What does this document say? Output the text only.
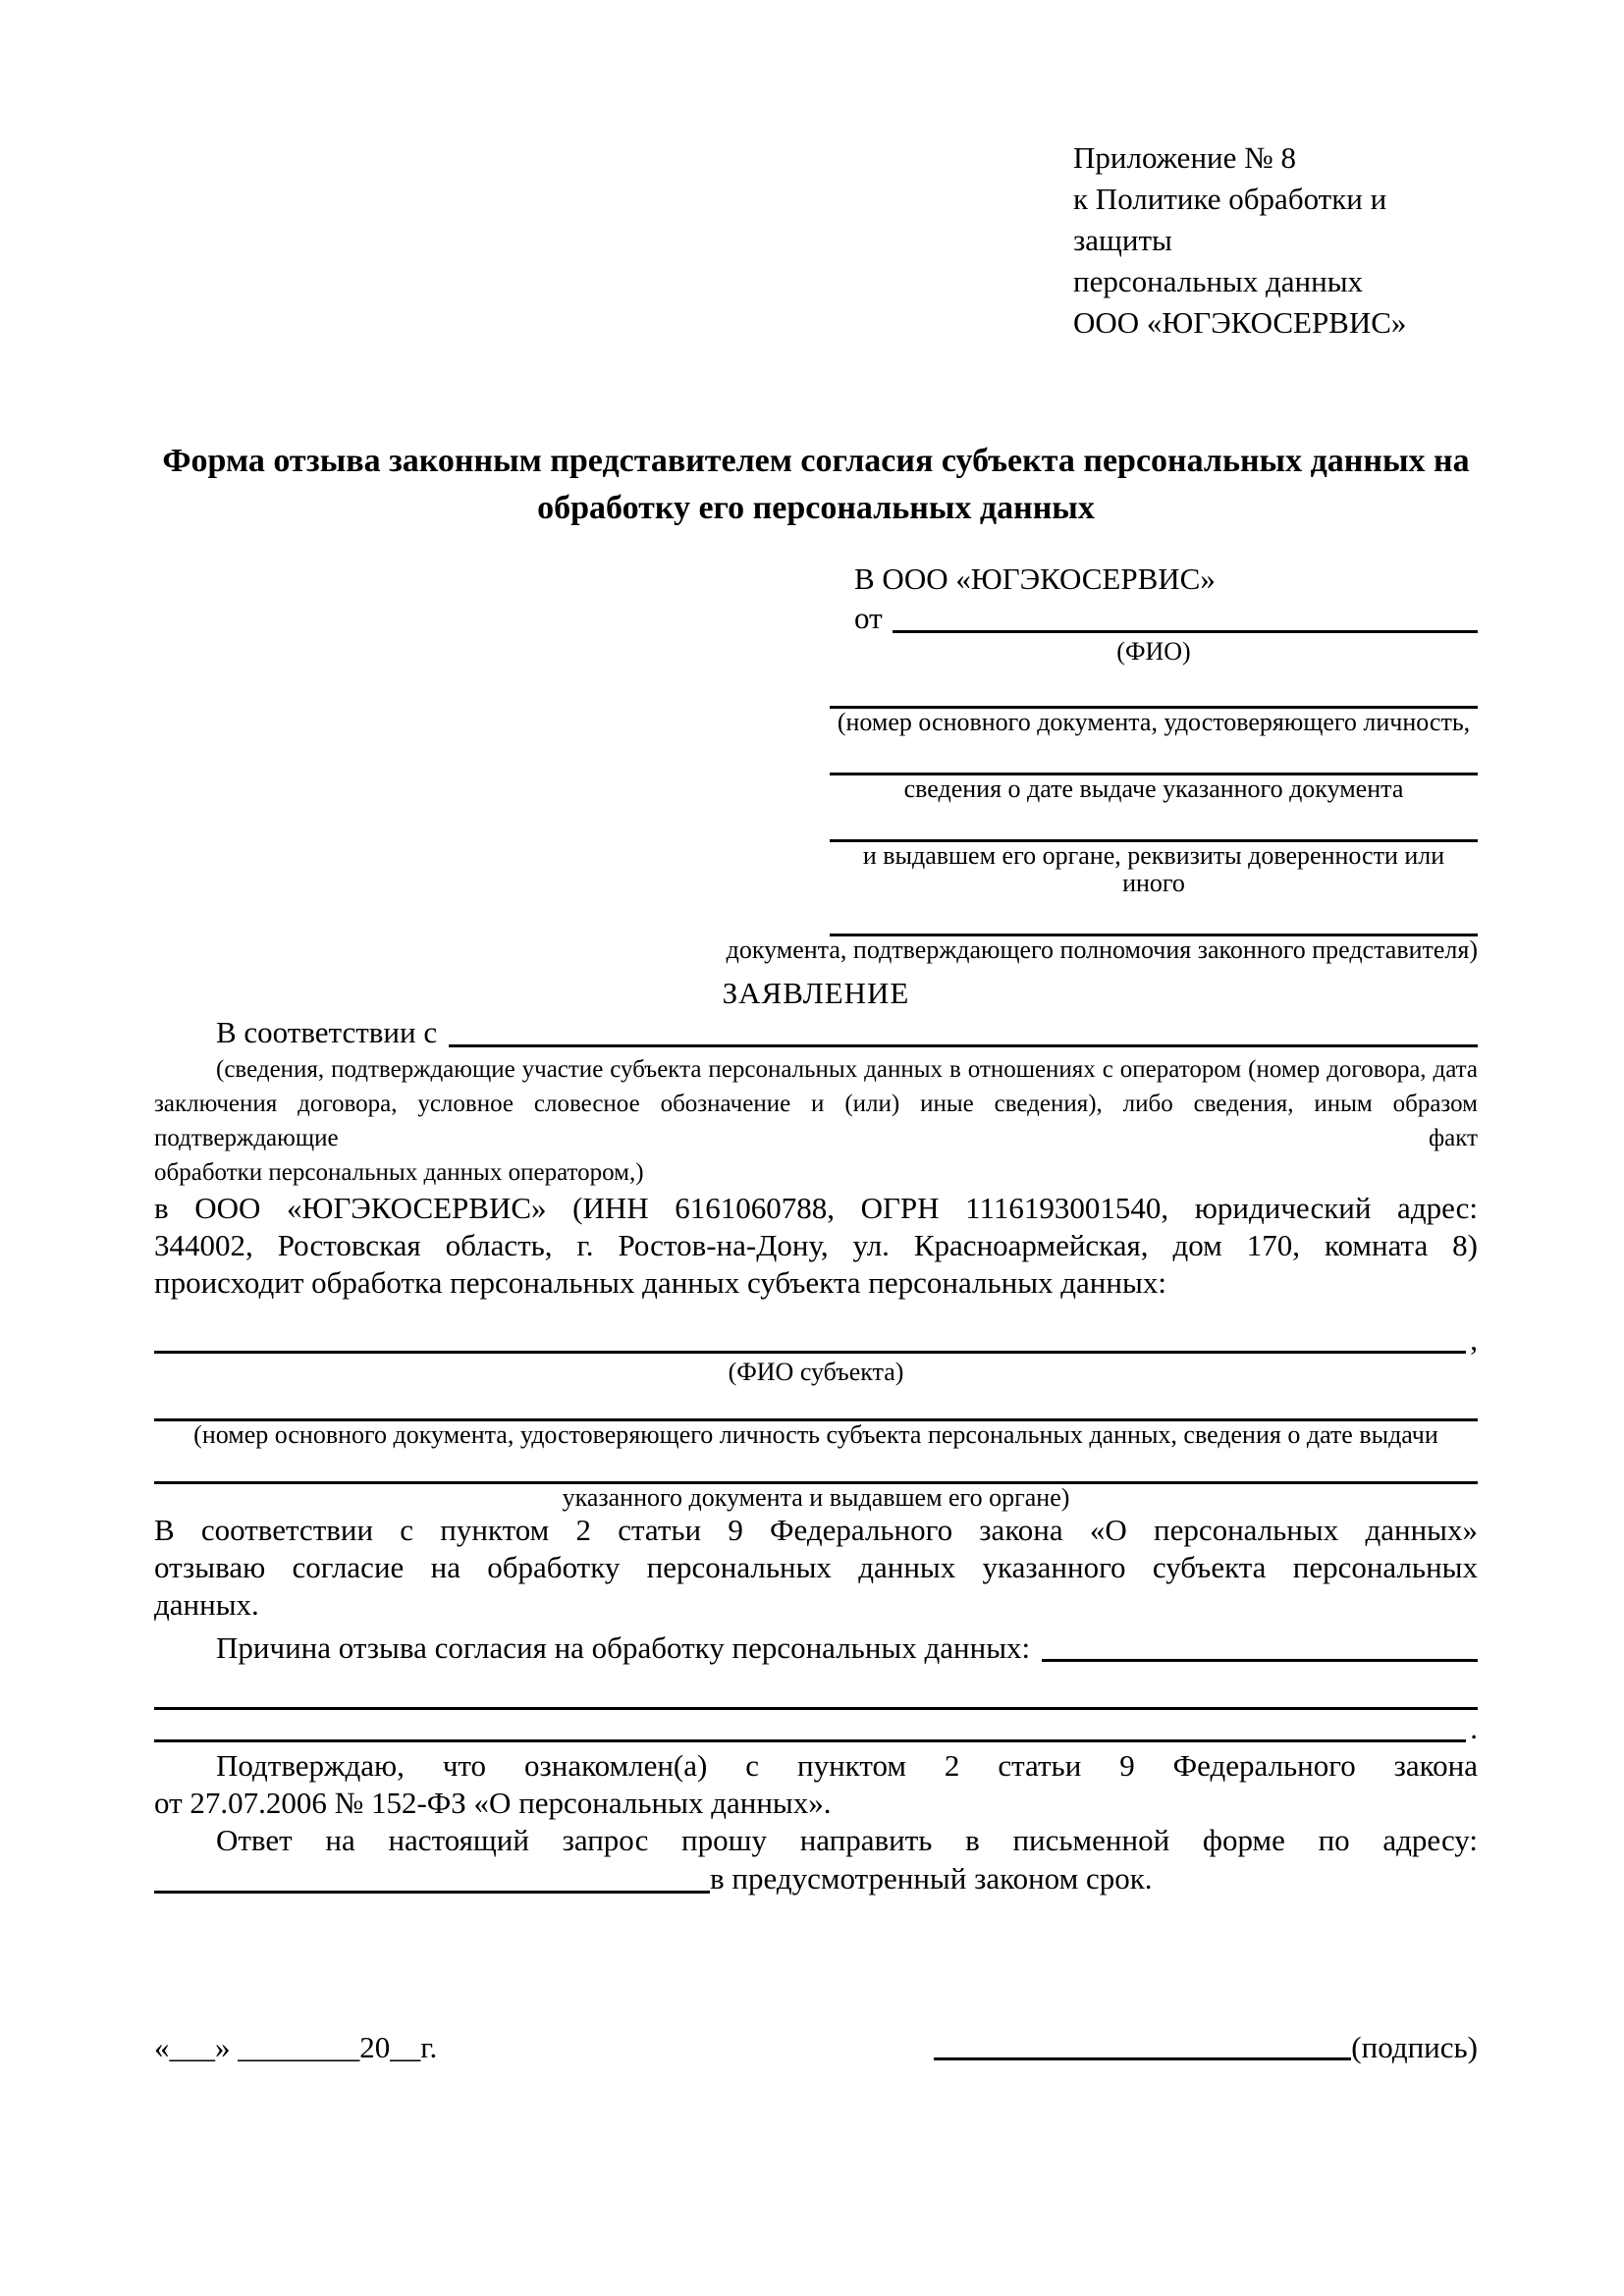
Приложение № 8
к Политике обработки и защиты
персональных данных
ООО «ЮГЭКОСЕРВИС»
Форма отзыва законным представителем согласия субъекта персональных данных на обработку его персональных данных
В ООО «ЮГЭКОСЕРВИС»
от
(ФИО)
(номер основного документа, удостоверяющего личность,
сведения о дате выдаче указанного документа
и выдавшем его органе, реквизиты доверенности или иного
документа, подтверждающего полномочия законного представителя)
ЗАЯВЛЕНИЕ
В соответствии с
(сведения, подтверждающие участие субъекта персональных данных в отношениях с оператором (номер договора, дата
заключения договора, условное словесное обозначение и (или) иные сведения), либо сведения, иным образом подтверждающие факт
обработки персональных данных оператором,)
в ООО «ЮГЭКОСЕРВИС» (ИНН 6161060788, ОГРН 1116193001540, юридический адрес:
344002, Ростовская область, г. Ростов-на-Дону, ул. Красноармейская, дом 170, комната 8)
происходит обработка персональных данных субъекта персональных данных:
,
(ФИО субъекта)
(номер основного документа, удостоверяющего личность субъекта персональных данных, сведения о дате выдачи
указанного документа и выдавшем его органе)
В соответствии с пунктом 2 статьи 9 Федерального закона «О персональных данных»
отзываю согласие на обработку персональных данных указанного субъекта персональных
данных.
Причина отзыва согласия на обработку персональных данных:
.
Подтверждаю, что ознакомлен(а) с пунктом 2 статьи 9 Федерального закона
от 27.07.2006 № 152-ФЗ «О персональных данных».
Ответ на настоящий запрос прошу направить в письменной форме по адресу:
в предусмотренный законом срок.
«___» ________20__г.	(подпись)
